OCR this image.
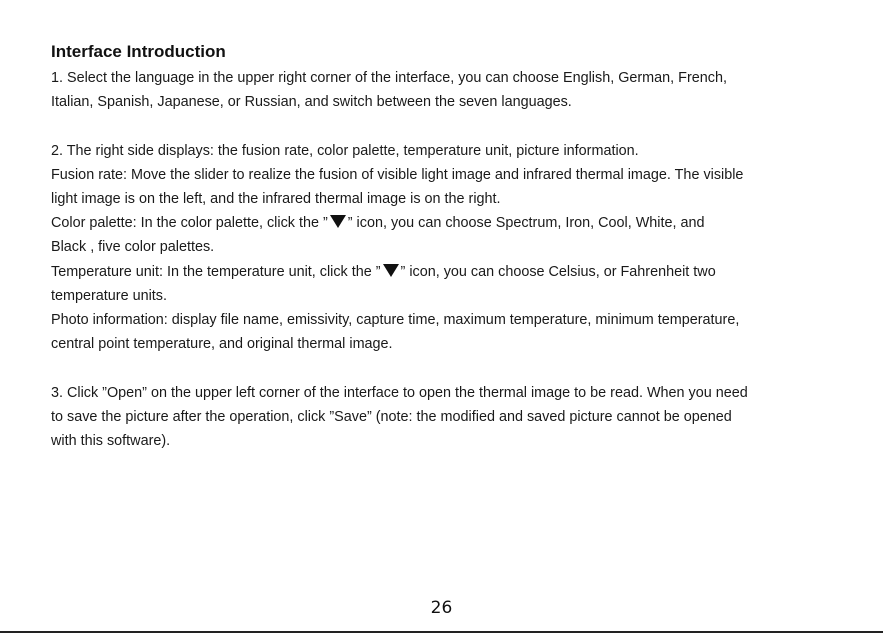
Interface Introduction

1. Select the language in the upper right corner of the interface, you can choose English, German, French,

Italian, Spanish, Japanese, or Russian, and switch between the seven languages.

2. The right side displays: the fusion rate, color palette, temperature unit, picture information.

Fusion rate: Move the slider to realize the fusion of visible light image and infrared thermal image. The visible

light image is on the left, and the infrared thermal image is on the right.

Color palette: In the color palette, click the ” ” icon, you can choose Spectrum, Iron, Cool, White, and

Black , five color palettes.

Temperature unit: In the temperature unit, click the ” ” icon, you can choose Celsius, or Fahrenheit two

temperature units.

Photo information: display file name, emissivity, capture time, maximum temperature, minimum temperature,

central point temperature, and original thermal image.

3. Click ”Open” on the upper left corner of the interface to open the thermal image to be read. When you need

to save the picture after the operation, click ”Save” (note: the modified and saved picture cannot be opened

with this software).

26
